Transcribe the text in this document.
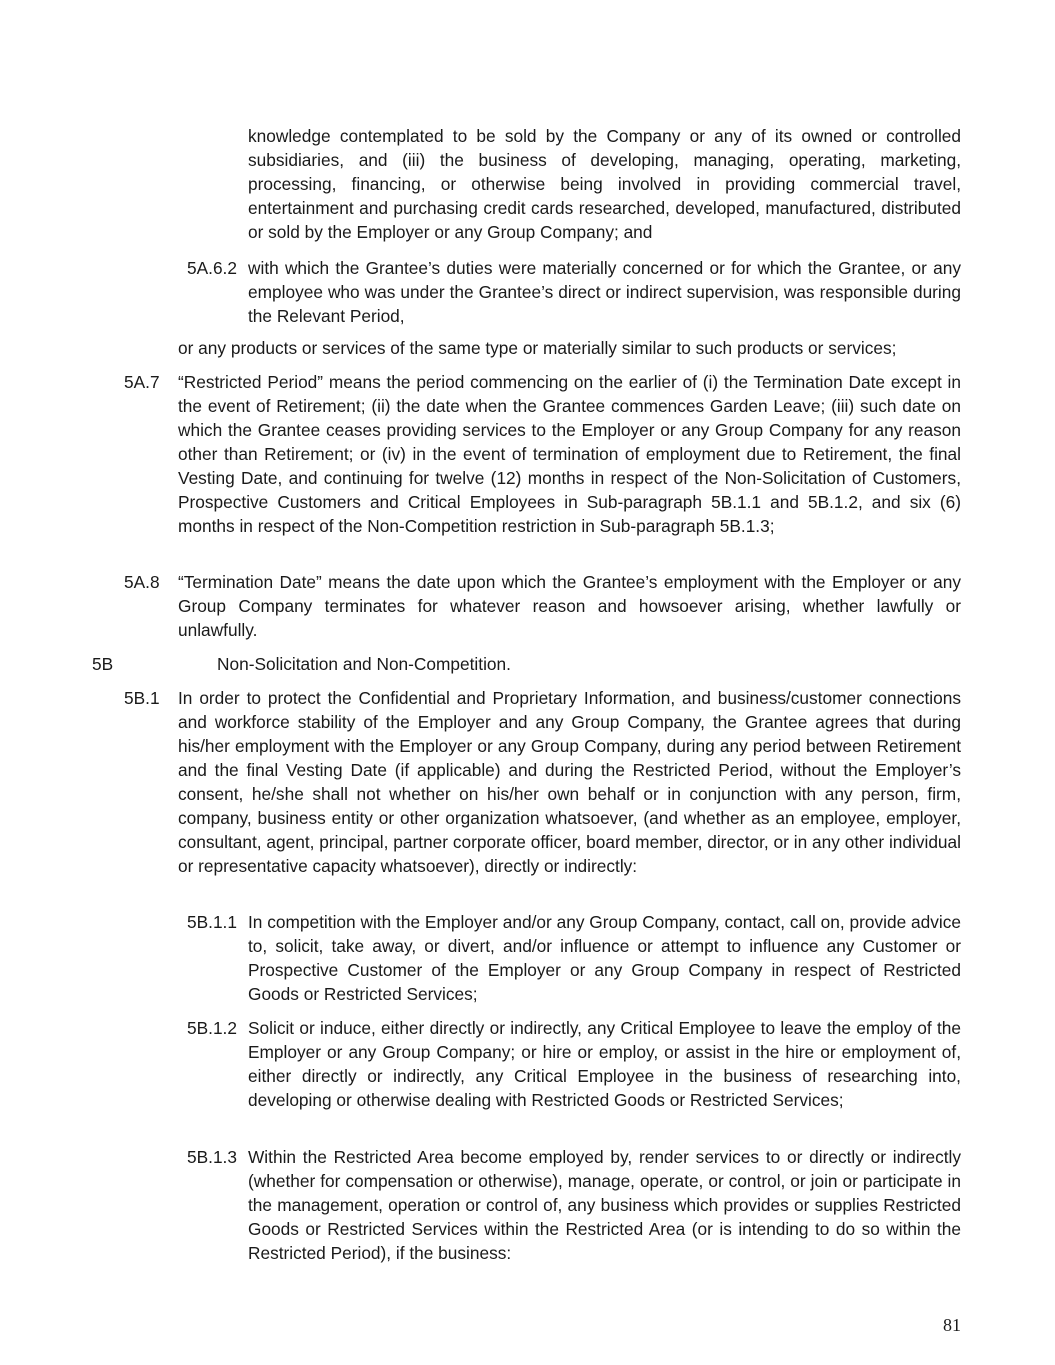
knowledge contemplated to be sold by the Company or any of its owned or controlled subsidiaries, and (iii) the business of developing, managing, operating, marketing, processing, financing, or otherwise being involved in providing commercial travel, entertainment and purchasing credit cards researched, developed, manufactured, distributed or sold by the Employer or any Group Company; and

5A.6.2 with which the Grantee’s duties were materially concerned or for which the Grantee, or any employee who was under the Grantee’s direct or indirect supervision, was responsible during the Relevant Period,

or any products or services of the same type or materially similar to such products or services;

5A.7 “Restricted Period” means the period commencing on the earlier of (i) the Termination Date except in the event of Retirement; (ii) the date when the Grantee commences Garden Leave; (iii) such date on which the Grantee ceases providing services to the Employer or any Group Company for any reason other than Retirement; or (iv) in the event of termination of employment due to Retirement, the final Vesting Date, and continuing for twelve (12) months in respect of the Non-Solicitation of Customers, Prospective Customers and Critical Employees in Sub-paragraph 5B.1.1 and 5B.1.2, and six (6) months in respect of the Non-Competition restriction in Sub-paragraph 5B.1.3;

5A.8 “Termination Date” means the date upon which the Grantee’s employment with the Employer or any Group Company terminates for whatever reason and howsoever arising, whether lawfully or unlawfully.

5B	Non-Solicitation and Non-Competition.
5B.1 In order to protect the Confidential and Proprietary Information, and business/customer connections and workforce stability of the Employer and any Group Company, the Grantee agrees that during his/her employment with the Employer or any Group Company, during any period between Retirement and the final Vesting Date (if applicable) and during the Restricted Period, without the Employer’s consent, he/she shall not whether on his/her own behalf or in conjunction with any person, firm, company, business entity or other organization whatsoever, (and whether as an employee, employer, consultant, agent, principal, partner corporate officer, board member, director, or in any other individual or representative capacity whatsoever), directly or indirectly:

5B.1.1 In competition with the Employer and/or any Group Company, contact, call on, provide advice to, solicit, take away, or divert, and/or influence or attempt to influence any Customer or Prospective Customer of the Employer or any Group Company in respect of Restricted Goods or Restricted Services;

5B.1.2 Solicit or induce, either directly or indirectly, any Critical Employee to leave the employ of the Employer or any Group Company; or hire or employ, or assist in the hire or employment of, either directly or indirectly, any Critical Employee in the business of researching into, developing or otherwise dealing with Restricted Goods or Restricted Services;

5B.1.3 Within the Restricted Area become employed by, render services to or directly or indirectly (whether for compensation or otherwise), manage, operate, or control, or join or participate in the management, operation or control of, any business which provides or supplies Restricted Goods or Restricted Services within the Restricted Area (or is intending to do so within the Restricted Period), if the business:

81
